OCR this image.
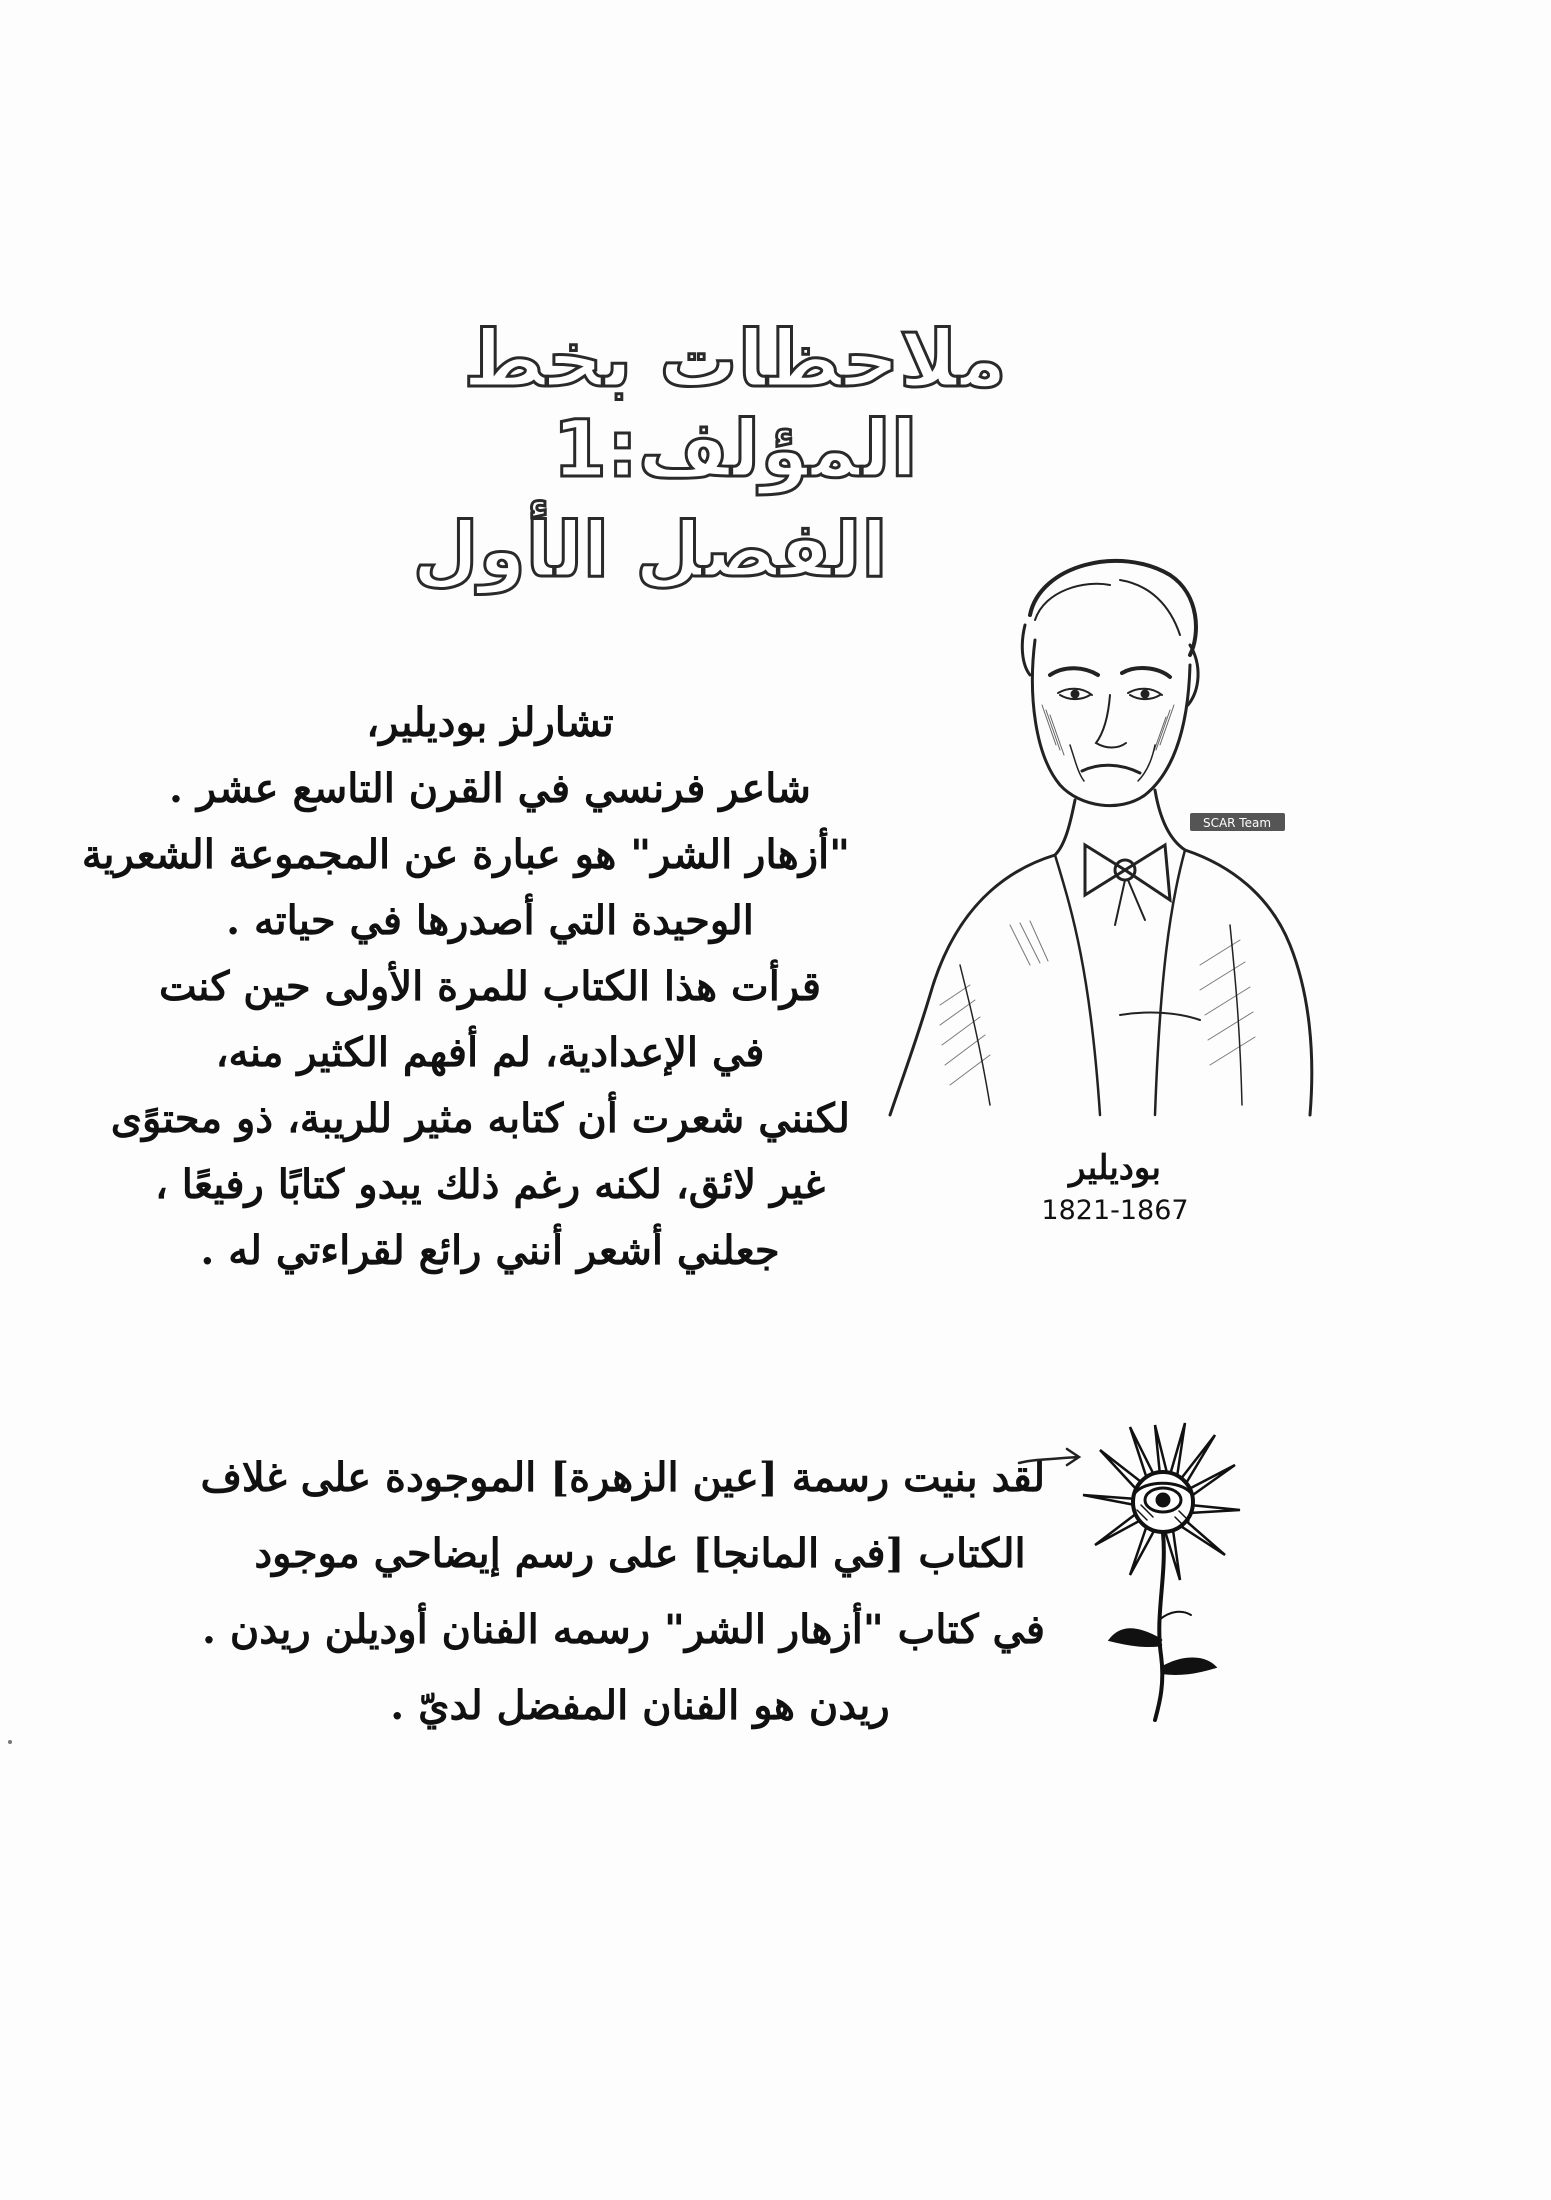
ملاحظات بخط المؤلف:1
الفصل الأول
تشارلز بوديلير،
شاعر فرنسي في القرن التاسع عشر .
"أزهار الشر" هو عبارة عن المجموعة الشعرية
الوحيدة التي أصدرها في حياته .
قرأت هذا الكتاب للمرة الأولى حين كنت
في الإعدادية، لم أفهم الكثير منه،
لكنني شعرت أن كتابه مثير للريبة، ذو محتوًى
غير لائق، لكنه رغم ذلك يبدو كتابًا رفيعًا ،
جعلني أشعر أنني رائع لقراءتي له .
SCAR Team
بوديلير
1821-1867
لقد بنيت رسمة [عين الزهرة] الموجودة على غلاف
الكتاب [في المانجا] على رسم إيضاحي موجود
في كتاب "أزهار الشر" رسمه الفنان أوديلن ريدن .
ريدن هو الفنان المفضل لديّ .
